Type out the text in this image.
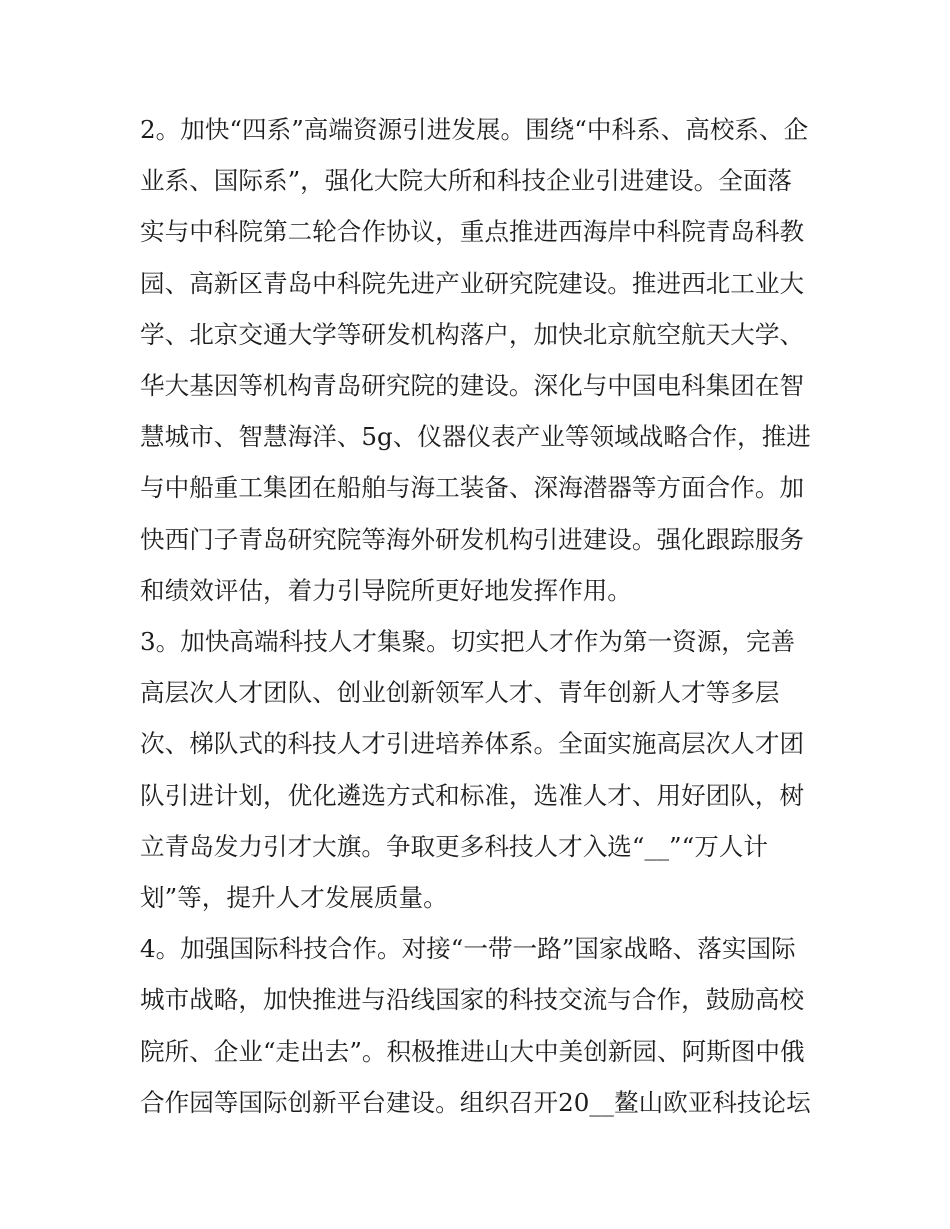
2。加快“四系”高端资源引进发展。围绕“中科系、高校系、企
业系、国际系”，强化大院大所和科技企业引进建设。全面落
实与中科院第二轮合作协议，重点推进西海岸中科院青岛科教
园、高新区青岛中科院先进产业研究院建设。推进西北工业大
学、北京交通大学等研发机构落户，加快北京航空航天大学、
华大基因等机构青岛研究院的建设。深化与中国电科集团在智
慧城市、智慧海洋、5g、仪器仪表产业等领域战略合作，推进
与中船重工集团在船舶与海工装备、深海潜器等方面合作。加
快西门子青岛研究院等海外研发机构引进建设。强化跟踪服务
和绩效评估，着力引导院所更好地发挥作用。
3。加快高端科技人才集聚。切实把人才作为第一资源，完善
高层次人才团队、创业创新领军人才、青年创新人才等多层
次、梯队式的科技人才引进培养体系。全面实施高层次人才团
队引进计划，优化遴选方式和标准，选准人才、用好团队，树
立青岛发力引才大旗。争取更多科技人才入选“__”“万人计
划”等，提升人才发展质量。
4。加强国际科技合作。对接“一带一路”国家战略、落实国际
城市战略，加快推进与沿线国家的科技交流与合作，鼓励高校
院所、企业“走出去”。积极推进山大中美创新园、阿斯图中俄
合作园等国际创新平台建设。组织召开20__鳌山欧亚科技论坛
